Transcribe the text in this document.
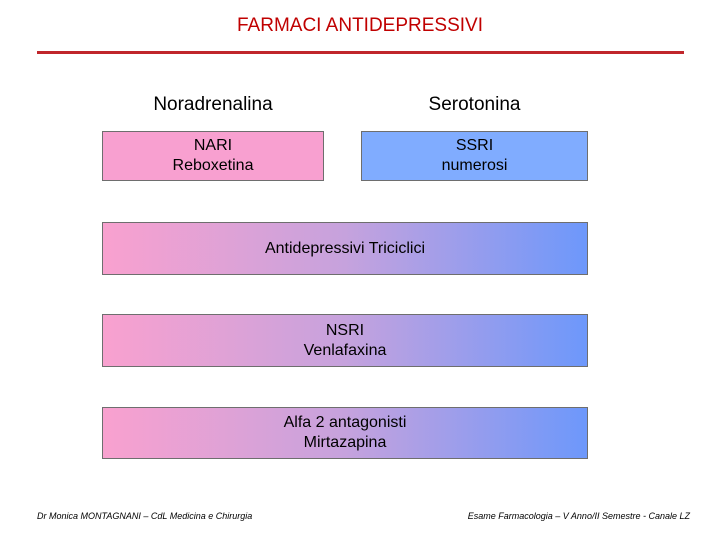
FARMACI ANTIDEPRESSIVI
Noradrenalina	Serotonina
NARI
Reboxetina
SSRI
numerosi
Antidepressivi Triciclici
NSRI
Venlafaxina
Alfa 2 antagonisti
Mirtazapina
Dr Monica MONTAGNANI – CdL Medicina e Chirurgia	Esame Farmacologia – V Anno/II Semestre - Canale LZ
